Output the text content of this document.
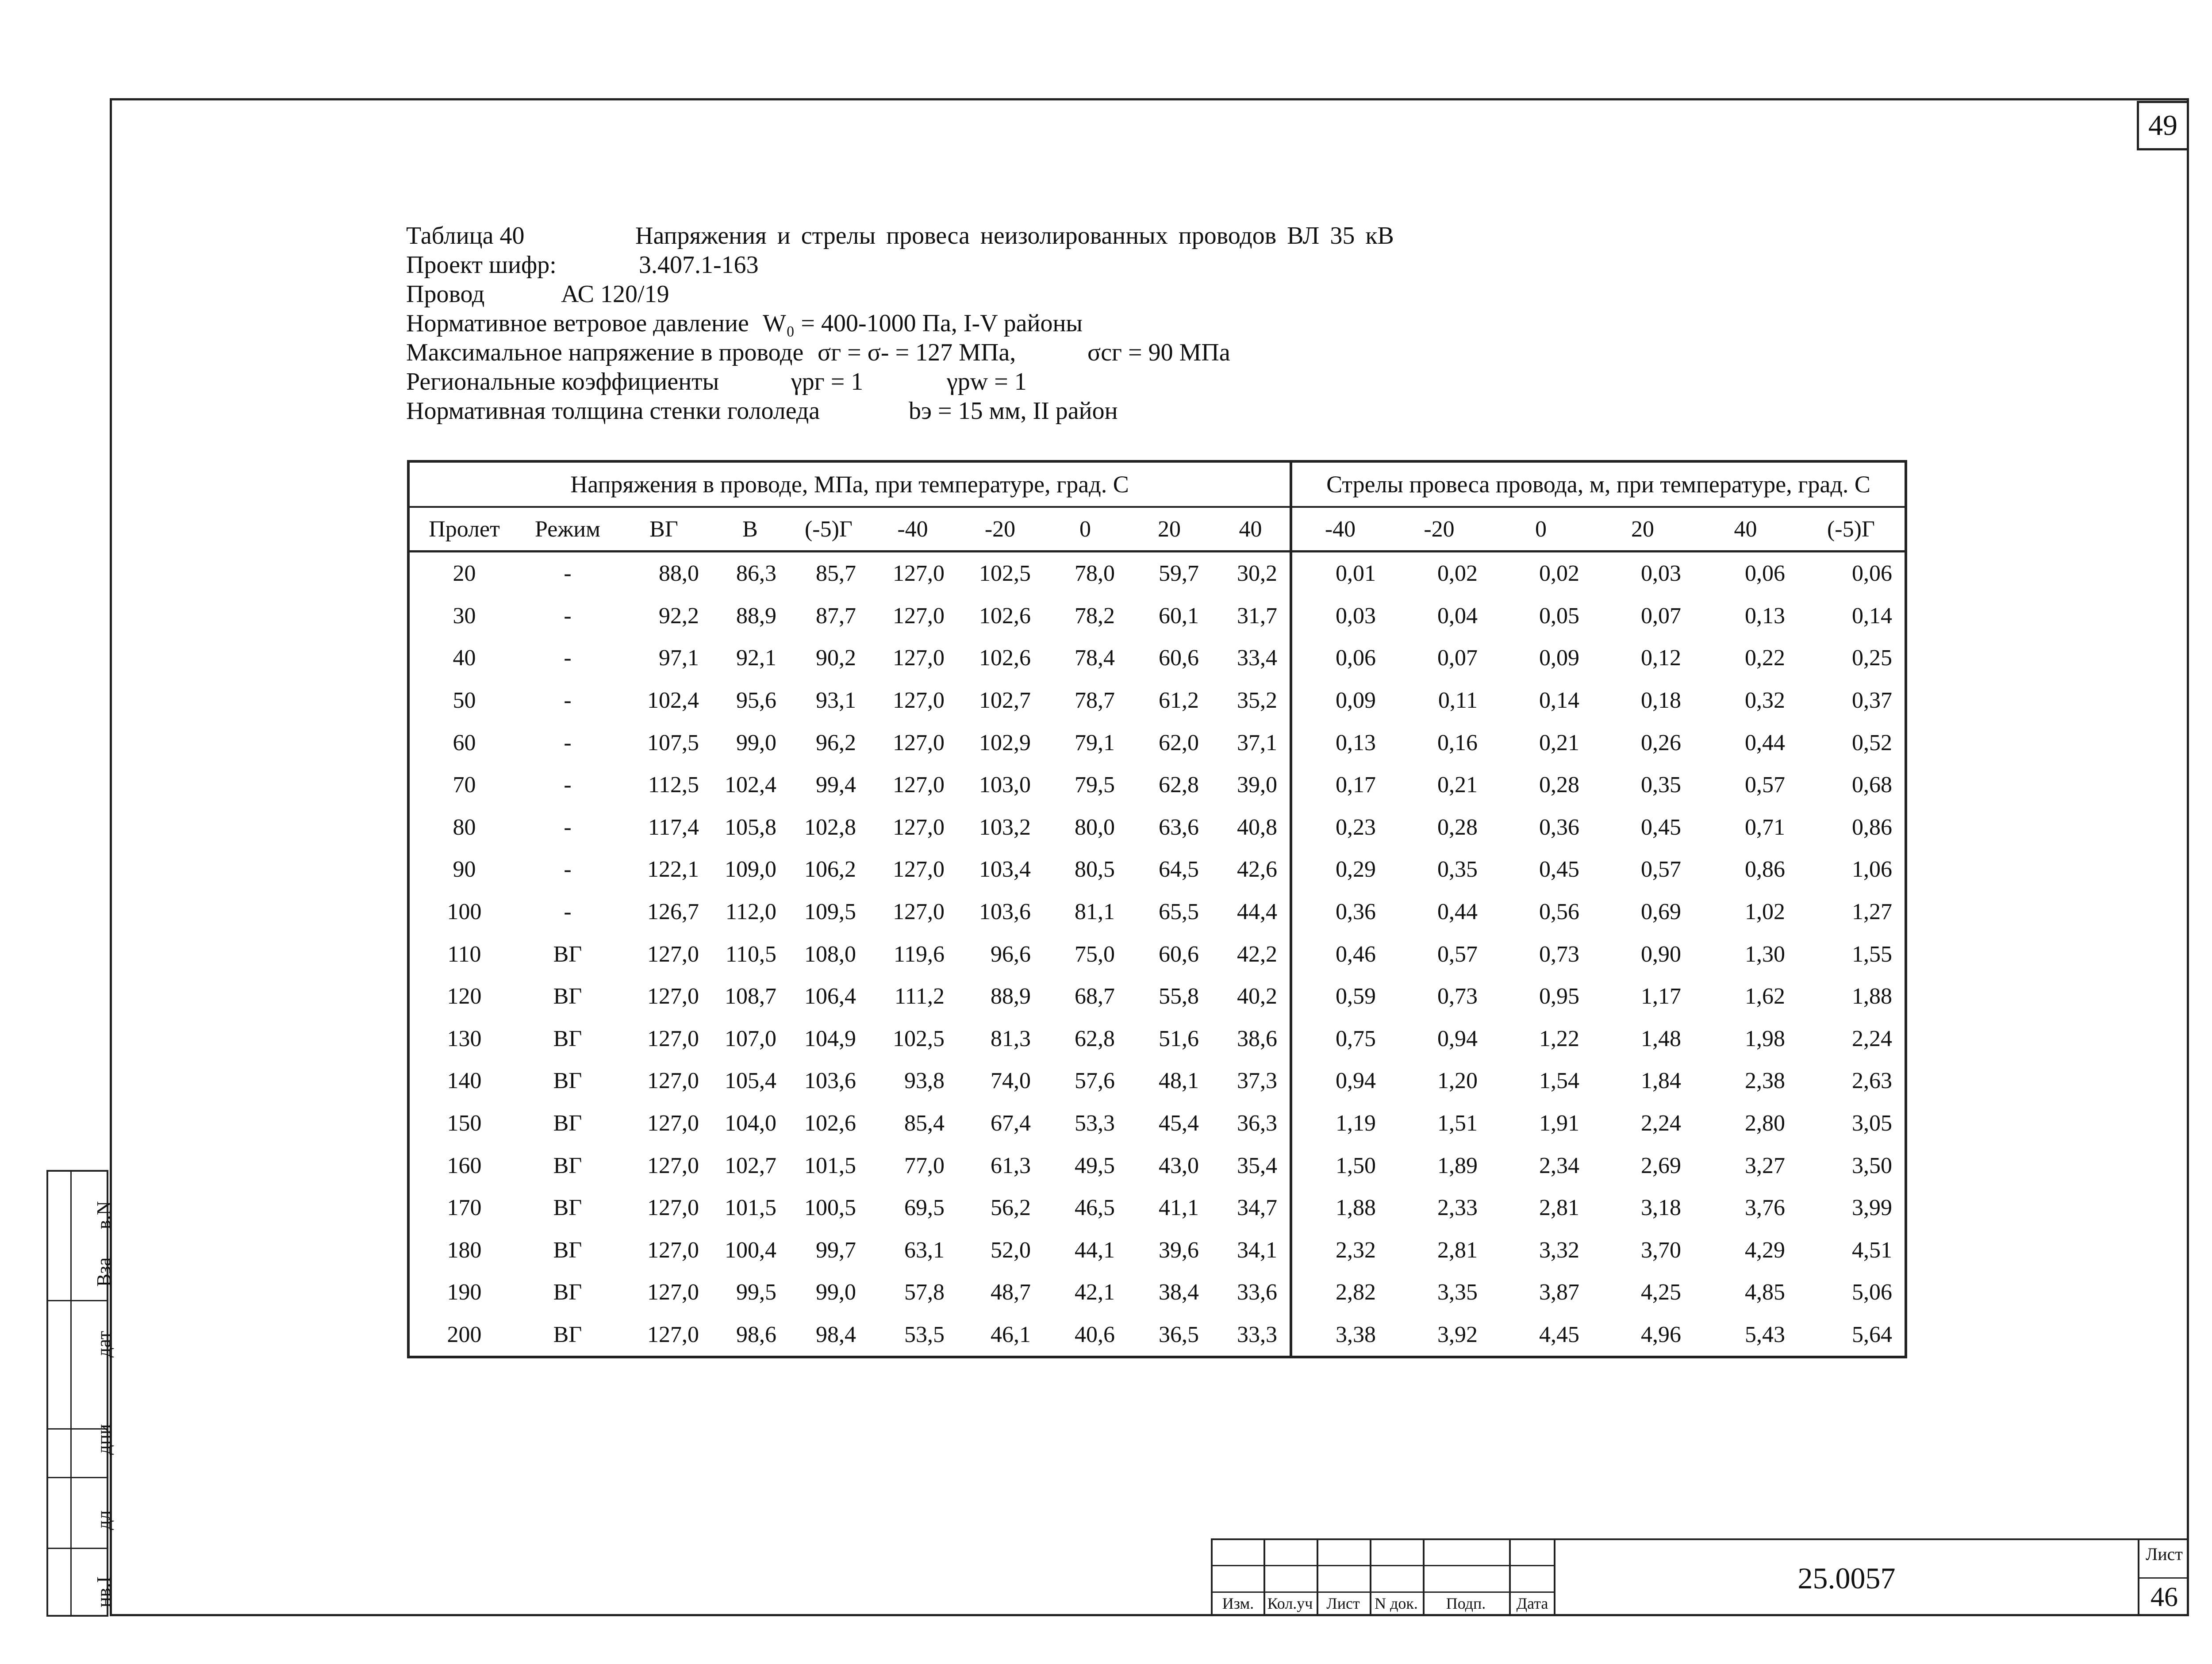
49
Таблица 40	Напряжения и стрелы провеса неизолированных проводов ВЛ 35 кВ
Проект шифр:	3.407.1-163
Провод	АС 120/19
Нормативное ветровое давление W₀ = 400-1000 Па, I-V районы
Максимальное напряжение в проводе σг = σ- = 127 МПа,	σсг = 90 МПа
Региональные коэффициенты	γpг = 1	γpw = 1
Нормативная толщина стенки гололеда	bэ = 15 мм, II район
Напряжения в проводе, МПа, при температуре, град. С										Стрелы провеса провода, м, при температуре, град. С					
Пролет	Режим	ВГ	В	(-5)Г	-40	-20	0	20	40	-40	-20	0	20	40	(-5)Г
20	-	88,0	86,3	85,7	127,0	102,5	78,0	59,7	30,2	0,01	0,02	0,02	0,03	0,06	0,06
30	-	92,2	88,9	87,7	127,0	102,6	78,2	60,1	31,7	0,03	0,04	0,05	0,07	0,13	0,14
40	-	97,1	92,1	90,2	127,0	102,6	78,4	60,6	33,4	0,06	0,07	0,09	0,12	0,22	0,25
50	-	102,4	95,6	93,1	127,0	102,7	78,7	61,2	35,2	0,09	0,11	0,14	0,18	0,32	0,37
60	-	107,5	99,0	96,2	127,0	102,9	79,1	62,0	37,1	0,13	0,16	0,21	0,26	0,44	0,52
70	-	112,5	102,4	99,4	127,0	103,0	79,5	62,8	39,0	0,17	0,21	0,28	0,35	0,57	0,68
80	-	117,4	105,8	102,8	127,0	103,2	80,0	63,6	40,8	0,23	0,28	0,36	0,45	0,71	0,86
90	-	122,1	109,0	106,2	127,0	103,4	80,5	64,5	42,6	0,29	0,35	0,45	0,57	0,86	1,06
100	-	126,7	112,0	109,5	127,0	103,6	81,1	65,5	44,4	0,36	0,44	0,56	0,69	1,02	1,27
110	ВГ	127,0	110,5	108,0	119,6	96,6	75,0	60,6	42,2	0,46	0,57	0,73	0,90	1,30	1,55
120	ВГ	127,0	108,7	106,4	111,2	88,9	68,7	55,8	40,2	0,59	0,73	0,95	1,17	1,62	1,88
130	ВГ	127,0	107,0	104,9	102,5	81,3	62,8	51,6	38,6	0,75	0,94	1,22	1,48	1,98	2,24
140	ВГ	127,0	105,4	103,6	93,8	74,0	57,6	48,1	37,3	0,94	1,20	1,54	1,84	2,38	2,63
150	ВГ	127,0	104,0	102,6	85,4	67,4	53,3	45,4	36,3	1,19	1,51	1,91	2,24	2,80	3,05
160	ВГ	127,0	102,7	101,5	77,0	61,3	49,5	43,0	35,4	1,50	1,89	2,34	2,69	3,27	3,50
170	ВГ	127,0	101,5	100,5	69,5	56,2	46,5	41,1	34,7	1,88	2,33	2,81	3,18	3,76	3,99
180	ВГ	127,0	100,4	99,7	63,1	52,0	44,1	39,6	34,1	2,32	2,81	3,32	3,70	4,29	4,51
190	ВГ	127,0	99,5	99,0	57,8	48,7	42,1	38,4	33,6	2,82	3,35	3,87	4,25	4,85	5,06
200	ВГ	127,0	98,6	98,4	53,5	46,1	40,6	36,5	33,3	3,38	3,92	4,45	4,96	5,43	5,64
в.N
Вза
дат
дпи
дл
нв.І	Изм. Кол.уч Лист N док.	Подп.	Дата
25.0057
Лист
46
